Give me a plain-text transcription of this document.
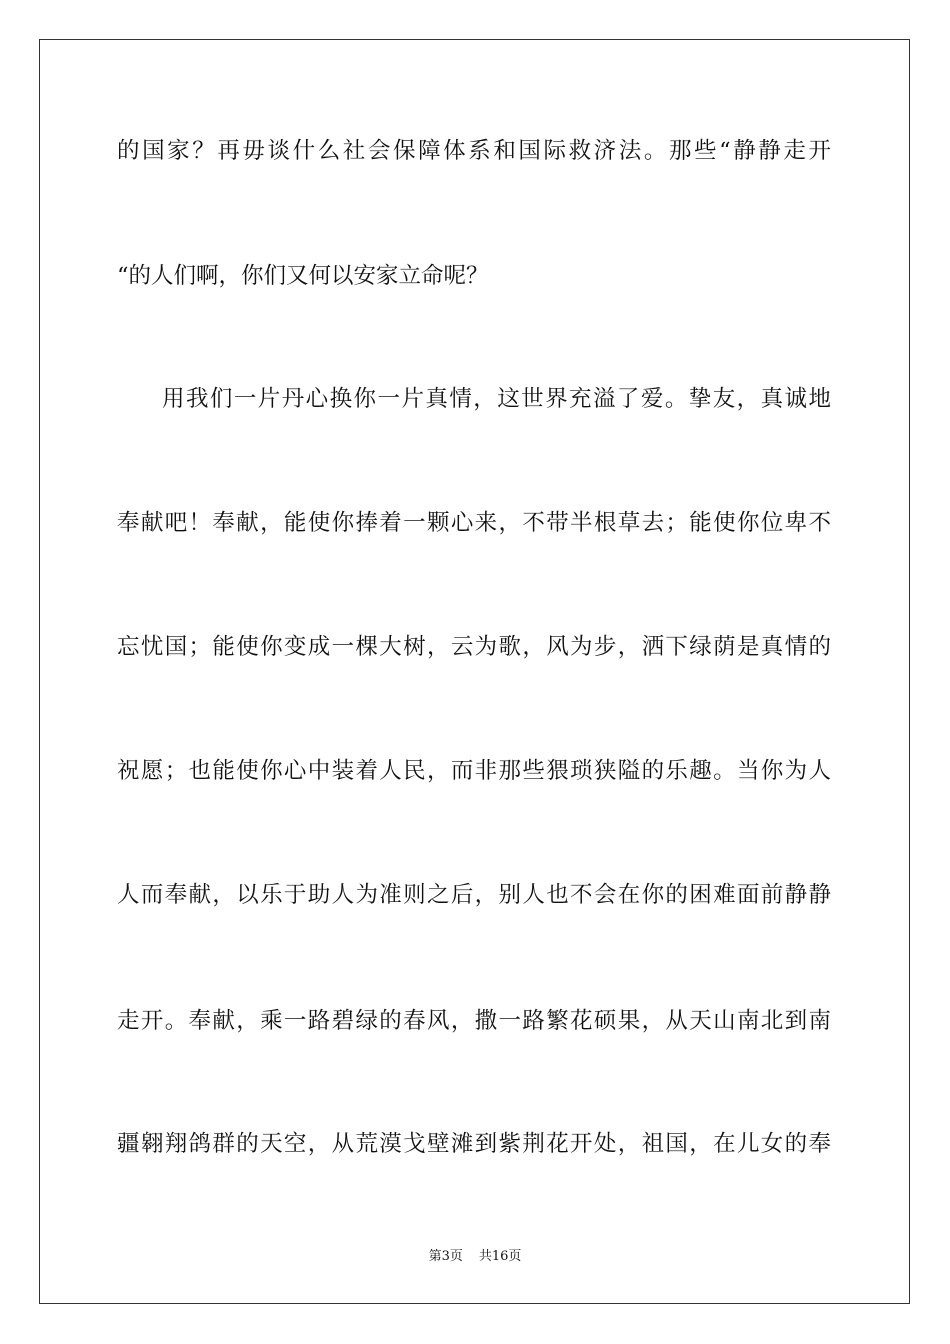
的国家？再毋谈什么社会保障体系和国际救济法。那些“静静走开
“的人们啊，你们又何以安家立命呢？
用我们一片丹心换你一片真情，这世界充溢了爱。挚友，真诚地
奉献吧！奉献，能使你捧着一颗心来，不带半根草去；能使你位卑不
忘忧国；能使你变成一棵大树，云为歌，风为步，洒下绿荫是真情的
祝愿；也能使你心中装着人民，而非那些猥琐狭隘的乐趣。当你为人
人而奉献，以乐于助人为准则之后，别人也不会在你的困难面前静静
走开。奉献，乘一路碧绿的春风，撒一路繁花硕果，从天山南北到南
疆翱翔鸽群的天空，从荒漠戈壁滩到紫荆花开处，祖国，在儿女的奉
第3页 共16页
